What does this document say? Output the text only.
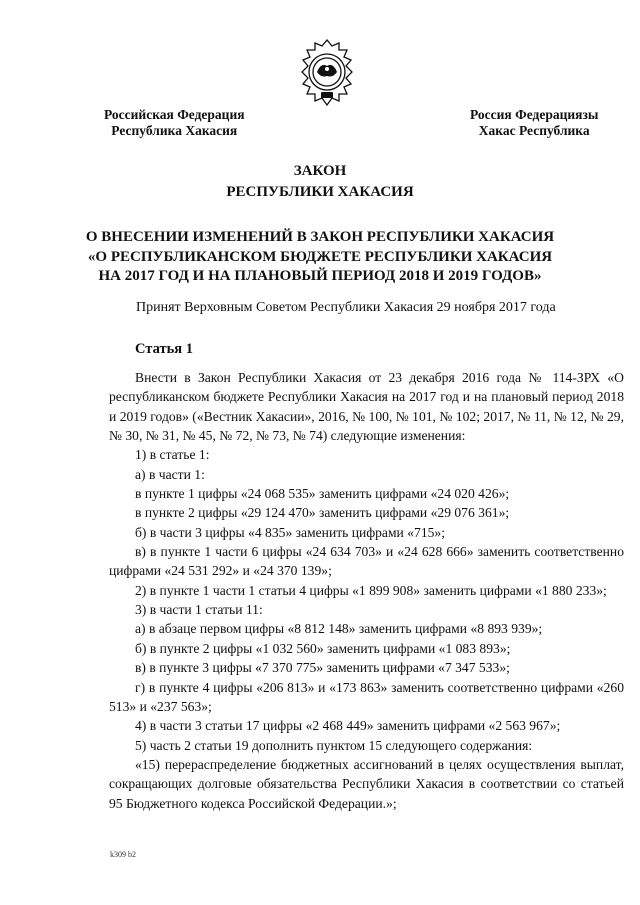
Российская Федерация
Республика Хакасия
Россия Федерациязы
Хакас Республика
ЗАКОН
РЕСПУБЛИКИ ХАКАСИЯ
О ВНЕСЕНИИ ИЗМЕНЕНИЙ В ЗАКОН РЕСПУБЛИКИ ХАКАСИЯ
«О РЕСПУБЛИКАНСКОМ БЮДЖЕТЕ РЕСПУБЛИКИ ХАКАСИЯ
НА 2017 ГОД И НА ПЛАНОВЫЙ ПЕРИОД 2018 И 2019 ГОДОВ»
Принят Верховным Советом Республики Хакасия 29 ноября 2017 года
Статья 1

Внести в Закон Республики Хакасия от 23 декабря 2016 года № 114-ЗРХ «О республиканском бюджете Республики Хакасия на 2017 год и на плановый период 2018 и 2019 годов» («Вестник Хакасии», 2016, № 100, № 101, № 102; 2017, № 11, № 12, № 29, № 30, № 31, № 45, № 72, № 73, № 74) следующие изменения:

1) в статье 1:

а) в части 1:

в пункте 1 цифры «24 068 535» заменить цифрами «24 020 426»;

в пункте 2 цифры «29 124 470» заменить цифрами «29 076 361»;

б) в части 3 цифры «4 835» заменить цифрами «715»;

в) в пункте 1 части 6 цифры «24 634 703» и «24 628 666» заменить соответственно цифрами «24 531 292» и «24 370 139»;

2) в пункте 1 части 1 статьи 4 цифры «1 899 908» заменить цифрами «1 880 233»;

3) в части 1 статьи 11:

а) в абзаце первом цифры «8 812 148» заменить цифрами «8 893 939»;

б) в пункте 2 цифры «1 032 560» заменить цифрами «1 083 893»;

в) в пункте 3 цифры «7 370 775» заменить цифрами «7 347 533»;

г) в пункте 4 цифры «206 813» и «173 863» заменить соответственно цифрами «260 513» и «237 563»;

4) в части 3 статьи 17 цифры «2 468 449» заменить цифрами «2 563 967»;

5) часть 2 статьи 19 дополнить пунктом 15 следующего содержания:

«15) перераспределение бюджетных ассигнований в целях осуществления выплат, сокращающих долговые обязательства Республики Хакасия в соответствии со статьей 95 Бюджетного кодекса Российской Федерации.»;

k309 b2
